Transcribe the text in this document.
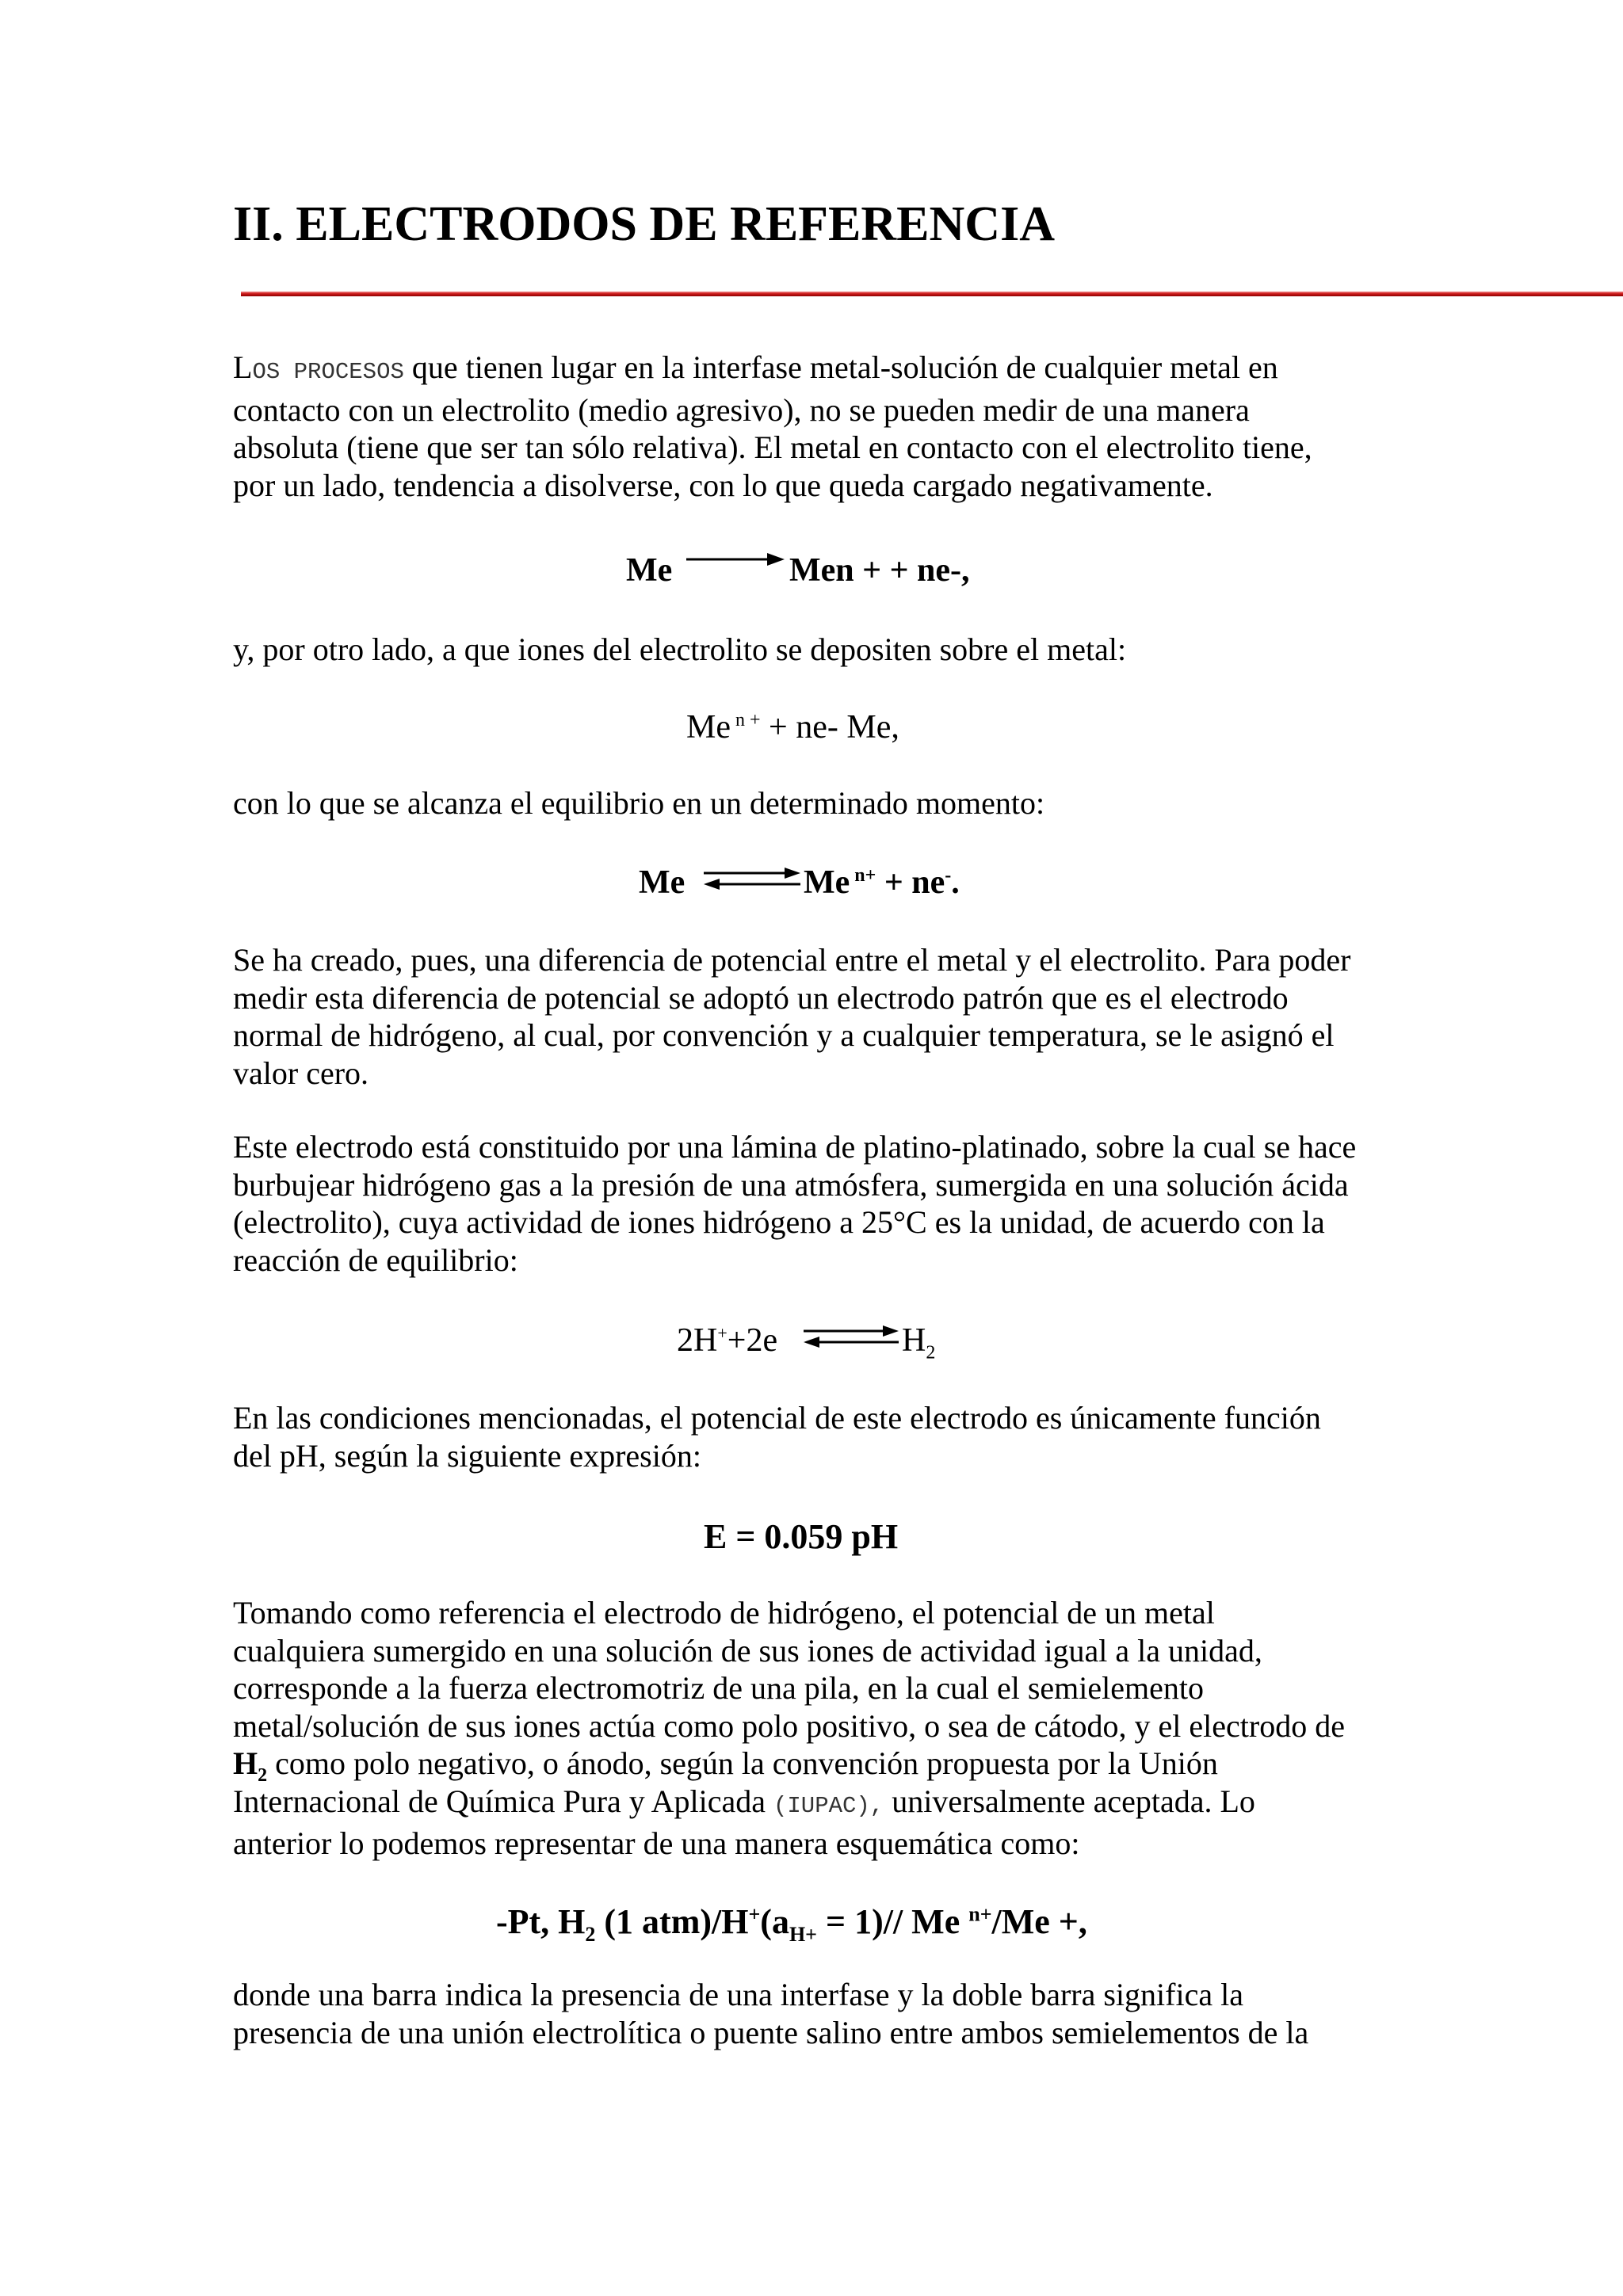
II. ELECTRODOS DE REFERENCIA
LOS PROCESOS que tienen lugar en la interfase metal-solución de cualquier metal en
contacto con un electrolito (medio agresivo), no se pueden medir de una manera
absoluta (tiene que ser tan sólo relativa). El metal en contacto con el electrolito tiene,
por un lado, tendencia a disolverse, con lo que queda cargado negativamente.
Me	Men + + ne-,
y, por otro lado, a que iones del electrolito se depositen sobre el metal:
Me $^{n +}$ + ne- Me,
con lo que se alcanza el equilibrio en un determinado momento:
Me	Me $^{n+}$ + ne-.
Se ha creado, pues, una diferencia de potencial entre el metal y el electrolito. Para poder
medir esta diferencia de potencial se adoptó un electrodo patrón que es el electrodo
normal de hidrógeno, al cual, por convención y a cualquier temperatura, se le asignó el
valor cero.
Este electrodo está constituido por una lámina de platino-platinado, sobre la cual se hace
burbujear hidrógeno gas a la presión de una atmósfera, sumergida en una solución ácida
(electrolito), cuya actividad de iones hidrógeno a 25°C es la unidad, de acuerdo con la
reacción de equilibrio:
2H++2e	$H_2$
En las condiciones mencionadas, el potencial de este electrodo es únicamente función
del pH, según la siguiente expresión:
E = 0.059 pH
Tomando como referencia el electrodo de hidrógeno, el potencial de un metal
cualquiera sumergido en una solución de sus iones de actividad igual a la unidad,
corresponde a la fuerza electromotriz de una pila, en la cual el semielemento
metal/solución de sus iones actúa como polo positivo, o sea de cátodo, y el electrodo de
$H_2$ como polo negativo, o ánodo, según la convención propuesta por la Unión
Internacional de Química Pura y Aplicada (IUPAC), universalmente aceptada. Lo
anterior lo podemos representar de una manera esquemática como:
-Pt, $H_2$ (1 $atm)/H^+(a_{H+} = 1)//$ Me $^{n+}$/Me +,
donde una barra indica la presencia de una interfase y la doble barra significa la
presencia de una unión electrolítica o puente salino entre ambos semielementos de la
